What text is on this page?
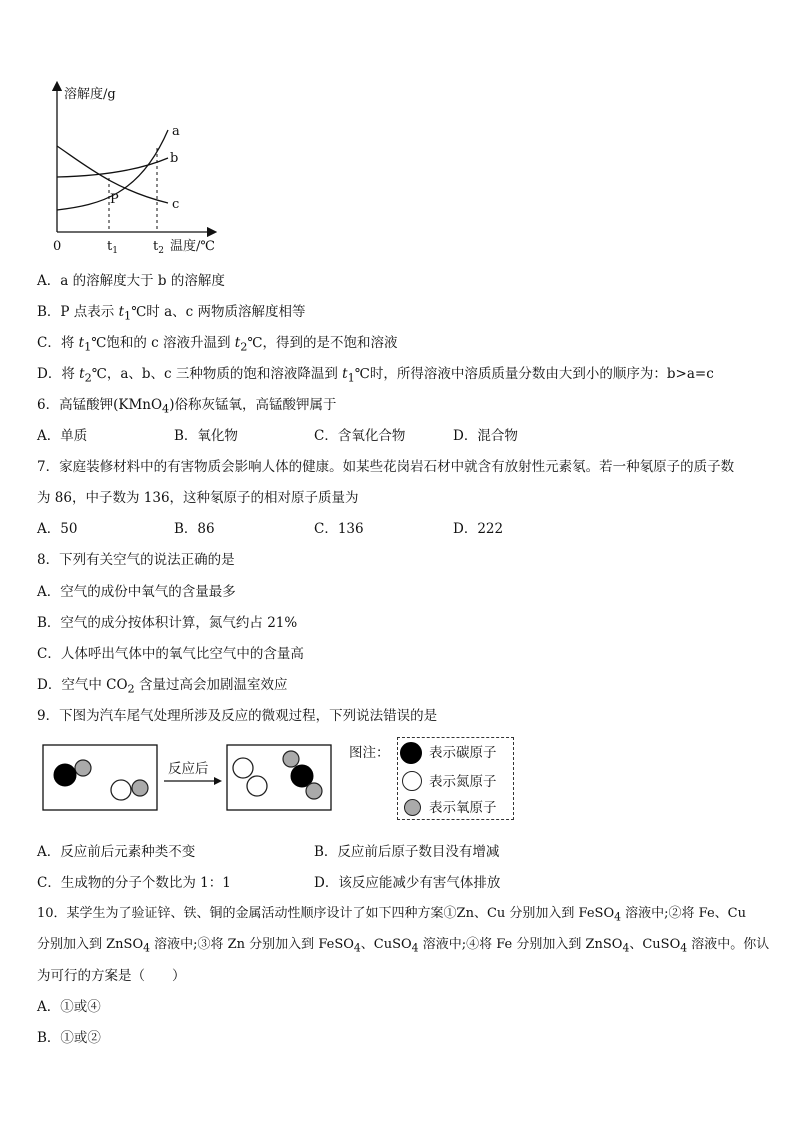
溶解度/g
a
b
c
P
0	$t_1$	$t_2$ 温度/℃
A．a 的溶解度大于 b 的溶解度
B．P 点表示 $t_1℃$时 a、c 两物质溶解度相等
C．将 $t_1℃$饱和的 c 溶液升温到 $t_2℃$，得到的是不饱和溶液
D．将 $t_2℃$，a、b、c 三种物质的饱和溶液降温到 $t_1℃$时，所得溶液中溶质质量分数由大到小的顺序为：b>a=c
6．高锰酸钾(KMnO$_4$)俗称灰锰氧，高锰酸钾属于
A．单质	B．氧化物	C．含氧化合物	D．混合物
7．家庭装修材料中的有害物质会影响人体的健康。如某些花岗岩石材中就含有放射性元素氡。若一种氡原子的质子数
为 86，中子数为 136，这种氡原子的相对原子质量为
A．50	B．86	C．136	D．222
8．下列有关空气的说法正确的是
A．空气的成份中氧气的含量最多
B．空气的成分按体积计算，氮气约占 21%
C．人体呼出气体中的氧气比空气中的含量高
D．空气中 $CO_2$ 含量过高会加剧温室效应
9．下图为汽车尾气处理所涉及反应的微观过程，下列说法错误的是
反应后
图注：	表示碳原子
表示氮原子
表示氧原子
A．反应前后元素种类不变	B．反应前后原子数目没有增减
C．生成物的分子个数比为 1：1	D．该反应能减少有害气体排放
10．某学生为了验证锌、铁、铜的金属活动性顺序设计了如下四种方案①Zn、Cu 分别加入到 FeSO$_4$ 溶液中;②将 Fe、Cu
分别加入到 ZnSO$_4$ 溶液中;③将 Zn 分别加入到 FeSO$_4$、CuSO$_4$ 溶液中;④将 Fe 分别加入到 ZnSO$_4$、CuSO$_4$ 溶液中。你认
为可行的方案是（　　）
A．①或④
B．①或②
